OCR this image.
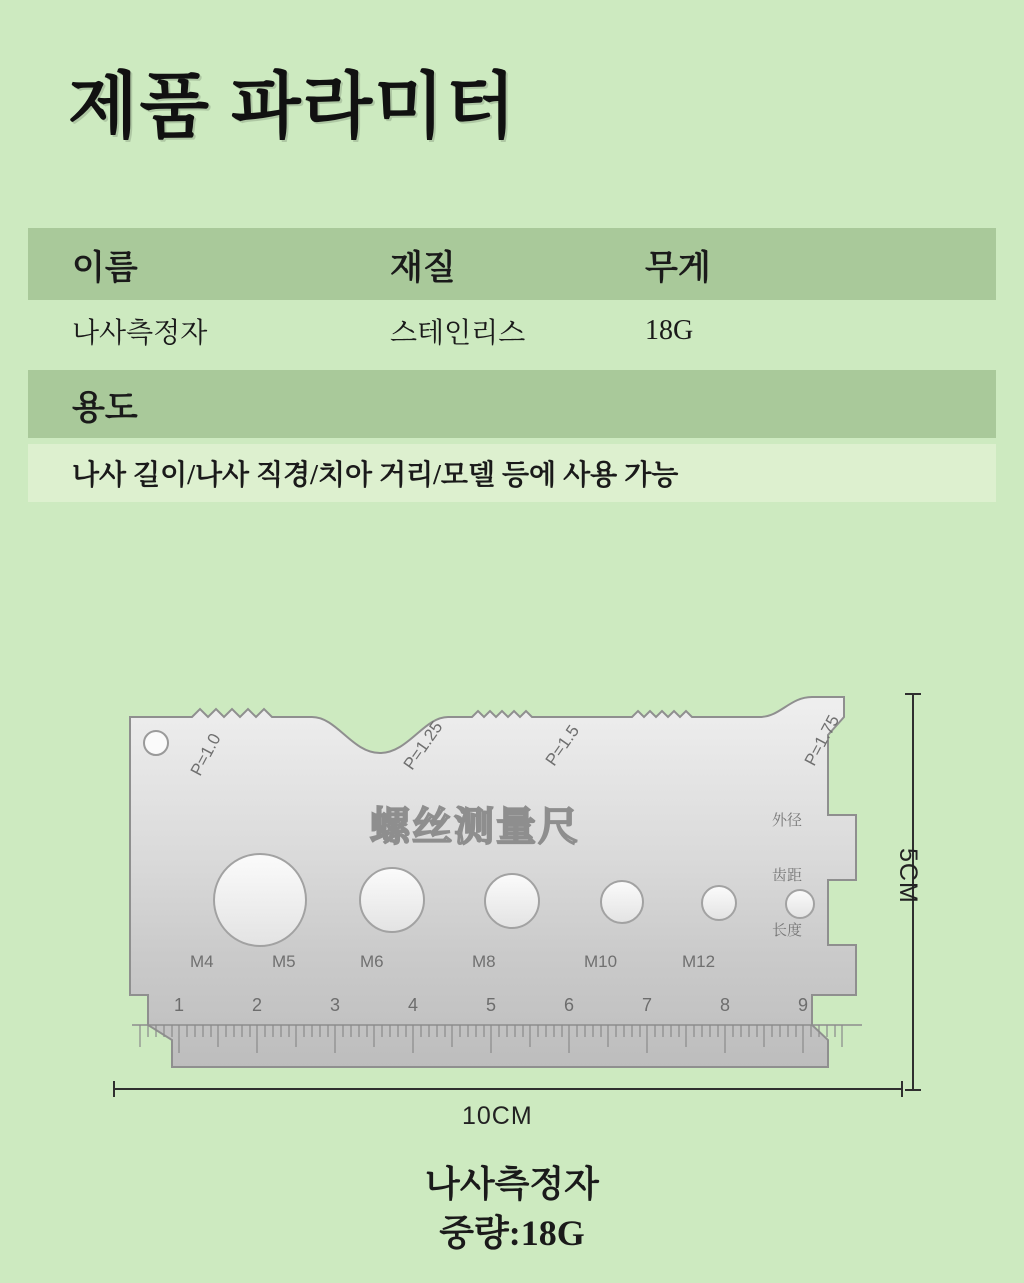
제품 파라미터
이름	재질	무게
나사측정자	스테인리스	18G
용도
나사 길이/나사 직경/치아 거리/모델 등에 사용 가능
P=1.0	P=1.25	P=1.5	P=1.75
螺丝测量尺
M4	M5	M6	M8	M10	M12
外径
齿距
长度
1	2	3	4	5	6	7	8	9
5CM
10CM
나사측정자
중량:18G
